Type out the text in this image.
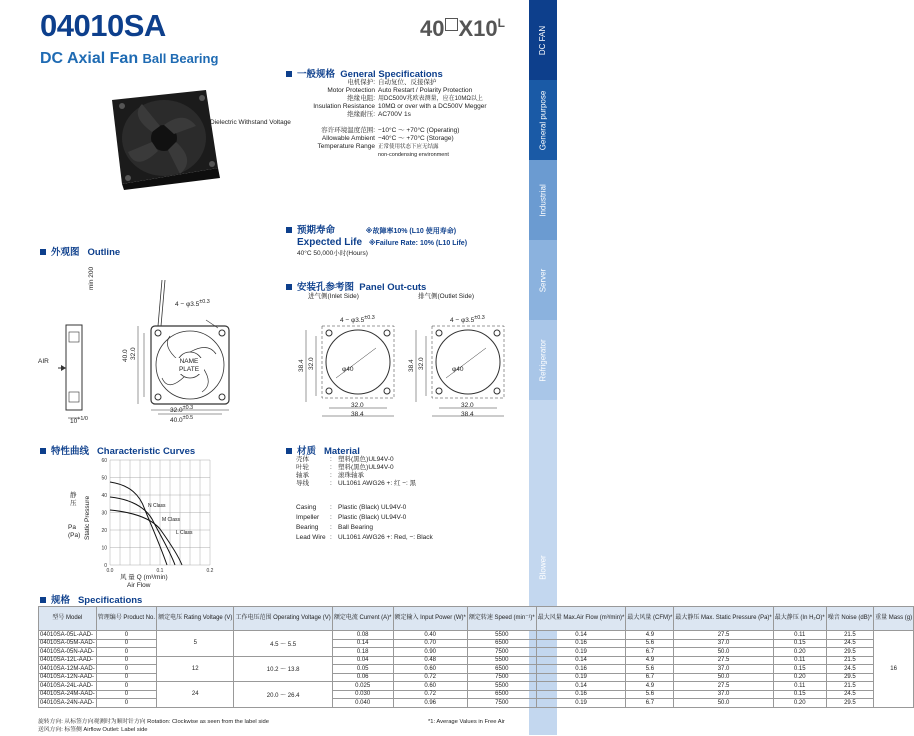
04010SA
DC Axial Fan Ball Bearing
40 $X10^L$
DC FAN
General purpose
Industrial
Server
Refrigerator
Blower
一般规格 General Specifications
电机保护: 自动复位、反接保护
Motor Protection Auto Restart / Polarity Protection
绝缘电阻: 用DC500V兆欧表测量，应在10MΩ以上
Insulation Resistance 10MΩ or over with a DC500V Megger
绝缘耐压: AC700V 1s
Dielectric Withstand Voltage
容许环境温度范围: −10°C ～ +70°C (Operating)
Allowable Ambient −40°C ～ +70°C (Storage)
Temperature Range 正常使用状态下应无结露
non-condensing environment
预期寿命	※故障率10% (L10 使用寿命)
Expected Life ※Failure Rate: 10% (L10 Life)
40°C 50,000小时(Hours)
外观图 Outline
min 200
$4 - \varphi 3.5^{\pm 0.3}$
AIR	NAME PLATE
$32.0^{\pm 0.3}$
$40.0^{\pm 0.5}$
40.0 32.0
$10^{+1/0}$
安装孔参考图 Panel Out-cuts
进气侧(Inlet Side)	排气侧(Outlet Side)
$4 - \varphi 3.5^{\pm 0.3}$	$4 - \varphi 3.5^{\pm 0.3}$
φ40	φ40
32.0
38.4
32.0
38.4
38.4 32.0	38.4 32.0
特性曲线 Characteristic Curves
静 压	Static Pressure
Pa (Pa)
N Class
M Class
L Class
60
50
40
30
20
10
0
0.0	0.1	0.2
风 量 Q (m³/min)
Air Flow
材质 Material
壳体	: 塑料(黑色)UL94V-0
叶轮	: 塑料(黑色)UL94V-0
轴承	: 滚珠轴承
导线	: UL1061 AWG26 +: 红 −: 黑
Casing	: Plastic (Black) UL94V-0
Impeller	: Plastic (Black) UL94V-0
Bearing	: Ball Bearing
Lead Wire : UL1061 AWG26 +: Red, −: Black
规格 Specifications
型号 Model	管理编号 Product No.	额定电压 Rating Voltage (V)	工作电压范围 Operating Voltage (V)	额定电流 Current (A)*	额定输入 Input Power (W)*	额定转速 Speed (min⁻¹)*	最大风量 Max.Air Flow (m³/min)*	最大风量 (CFM)*	最大静压 Max. Static Pressure (Pa)*	最大静压 (In H₂O)*	噪音 Noise (dB)*	重量 Mass (g)
04010SA-05L-AAD-	0	5	4.5 ～ 5.5	0.08	0.40	5500	0.14	4.9	27.5	0.11	21.5	16
04010SA-05M-AAD-	0			0.14	0.70	6500	0.16	5.6	37.0	0.15	24.5	
04010SA-05N-AAD-	0			0.18	0.90	7500	0.19	6.7	50.0	0.20	29.5	
04010SA-12L-AAD-	0	12	10.2 ～ 13.8	0.04	0.48	5500	0.14	4.9	27.5	0.11	21.5	
04010SA-12M-AAD-	0			0.05	0.60	6500	0.16	5.6	37.0	0.15	24.5	
04010SA-12N-AAD-	0			0.06	0.72	7500	0.19	6.7	50.0	0.20	29.5	
04010SA-24L-AAD-	0	24	20.0 ～ 26.4	0.025	0.60	5500	0.14	4.9	27.5	0.11	21.5	
04010SA-24M-AAD-	0			0.030	0.72	6500	0.16	5.6	37.0	0.15	24.5	
04010SA-24N-AAD-	0			0.040	0.96	7500	0.19	6.7	50.0	0.20	29.5	
旋转方向: 从标签方向观测时为顺时针方向 Rotation: Clockwise as seen from the label side
送风方向: 标签侧 Airflow Outlet: Label side
*1: Average Values in Free Air
